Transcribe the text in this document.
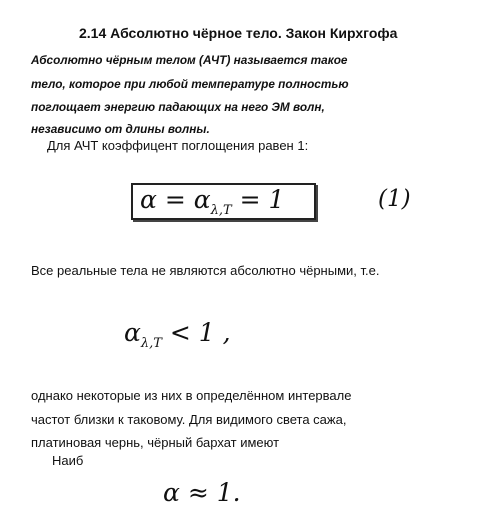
2.14 Абсолютно чёрное тело. Закон Кирхгофа
Абсолютно чёрным телом (АЧТ) называется такое
тело, которое при любой температуре полностью
поглощает энергию падающих на него ЭМ волн,
независимо от длины волны.
Для АЧТ коэффицент поглощения равен 1:
$\alpha = \alpha_{\lambda,T} = 1$	(1)
Все реальные тела не являются абсолютно чёрными, т.е.
$\alpha_{\lambda,T} < 1$ ,
однако некоторые из них в определённом интервале
частот близки к таковому. Для видимого света сажа,
платиновая чернь, чёрный бархат имеют
Наиб
α ≈ 1.
